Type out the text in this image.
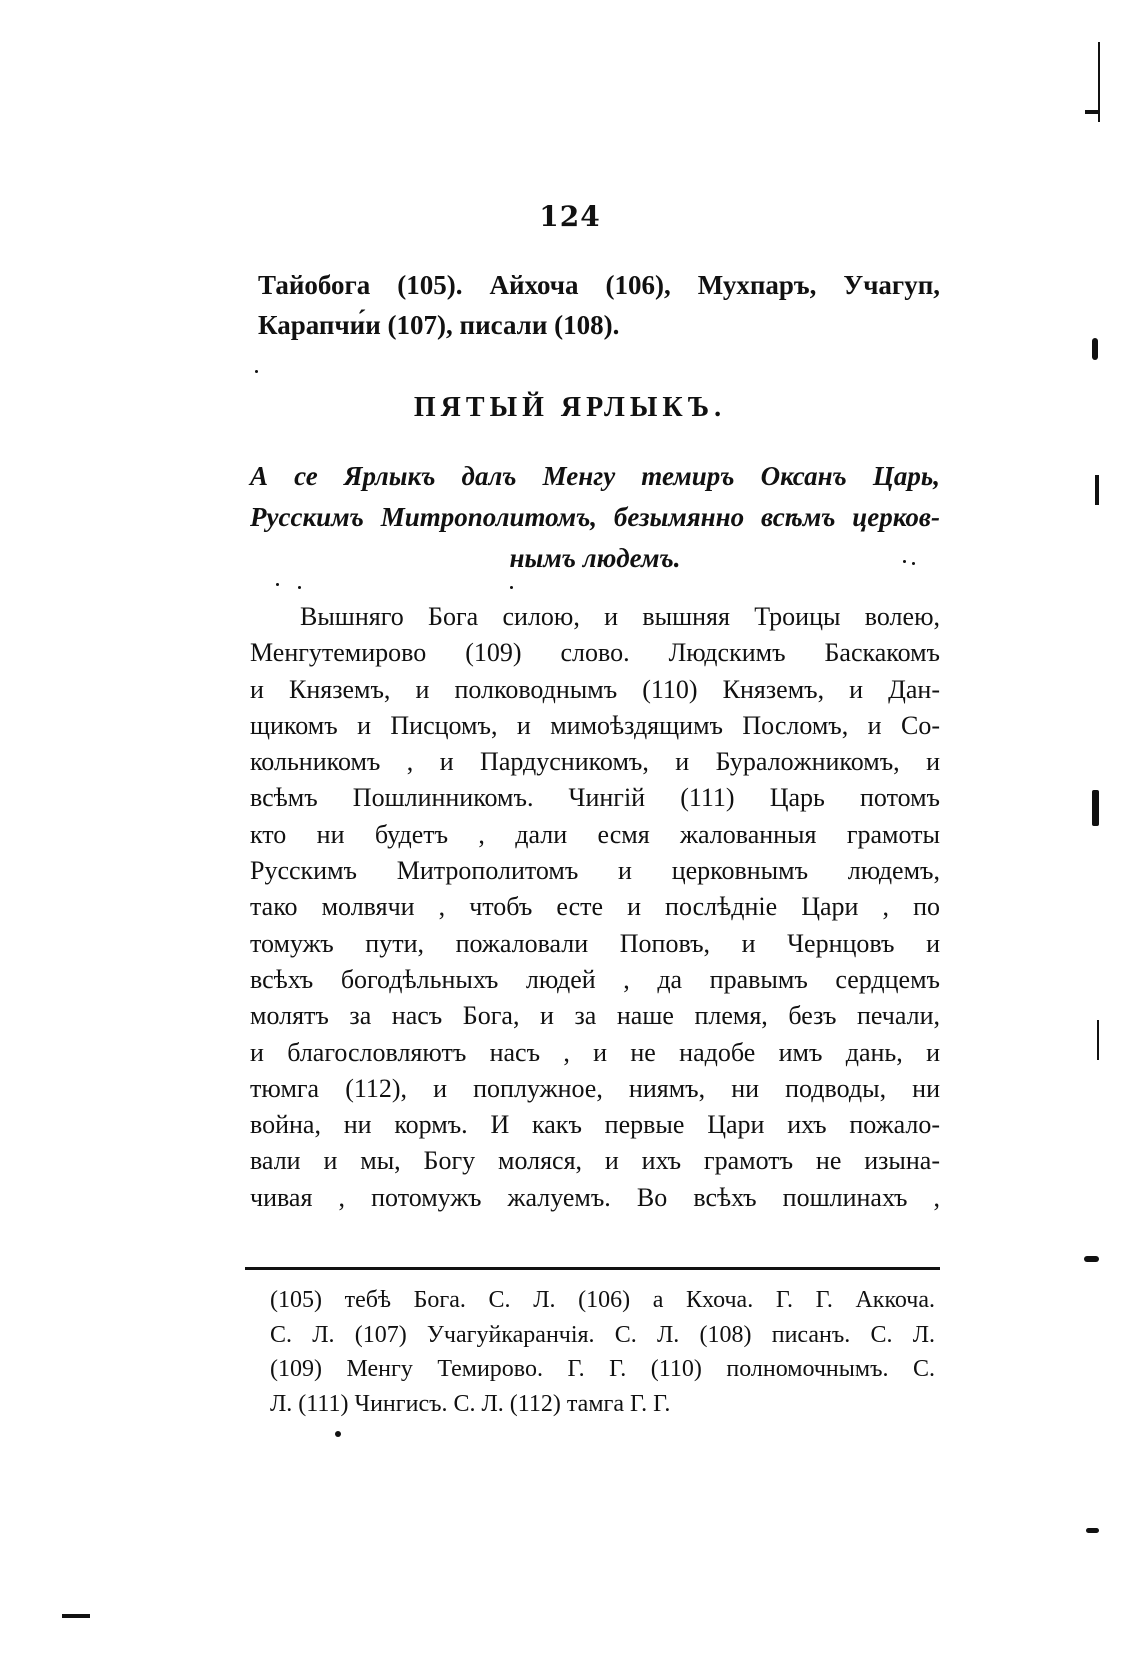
124
Тайобога (105). Айхоча (106), Мухпаръ, Учагуп,
Карапчи́и (107), писали (108).
ПЯТЫЙ ЯРЛЫКЪ.
А се Ярлыкъ далъ Менгу темиръ Оксанъ Царь,
Русскимъ Митрополитомъ, безымянно всѣмъ церков-
нымъ людемъ.
Вышняго Бога силою, и вышняя Троицы волею,
Менгутемирово (109) слово. Людскимъ Баскакомъ
и Княземъ, и полководнымъ (110) Княземъ, и Дан-
щикомъ и Писцомъ, и мимоѣздящимъ Посломъ, и Со-
кольникомъ , и Пардусникомъ, и Буралoжникомъ, и
всѣмъ Пошлинникомъ. Чингій (111) Царь потомъ
кто ни будетъ , дали есмя жалованныя грамоты
Русскимъ Митрополитомъ и церковнымъ людемъ,
тако молвячи , чтобъ есте и послѣдніе Цари , по
томужъ пути, пожаловали Поповъ, и Чернцовъ и
всѣхъ богодѣльныхъ людей , да правымъ сердцемъ
молятъ за насъ Бога, и за наше племя, безъ печали,
и благословляютъ насъ , и не надобе имъ дань, и
тюмга (112), и поплужное, ниямъ, ни подводы, ни
война, ни кормъ. И какъ первые Цари ихъ пожало-
вали и мы, Богу моляся, и ихъ грамотъ не изына-
чивая , потомужъ жалуемъ. Во всѣхъ пошлинахъ ,
(105) тебѣ Бога. С. Л. (106) а Кхоча. Г. Г. Аккоча.
С. Л. (107) Учагуйкаранчія. С. Л. (108) писанъ. С. Л.
(109) Менгу Темирово. Г. Г. (110) полномочнымъ. С.
Л. (111) Чингисъ. С. Л. (112) тамга Г. Г.
